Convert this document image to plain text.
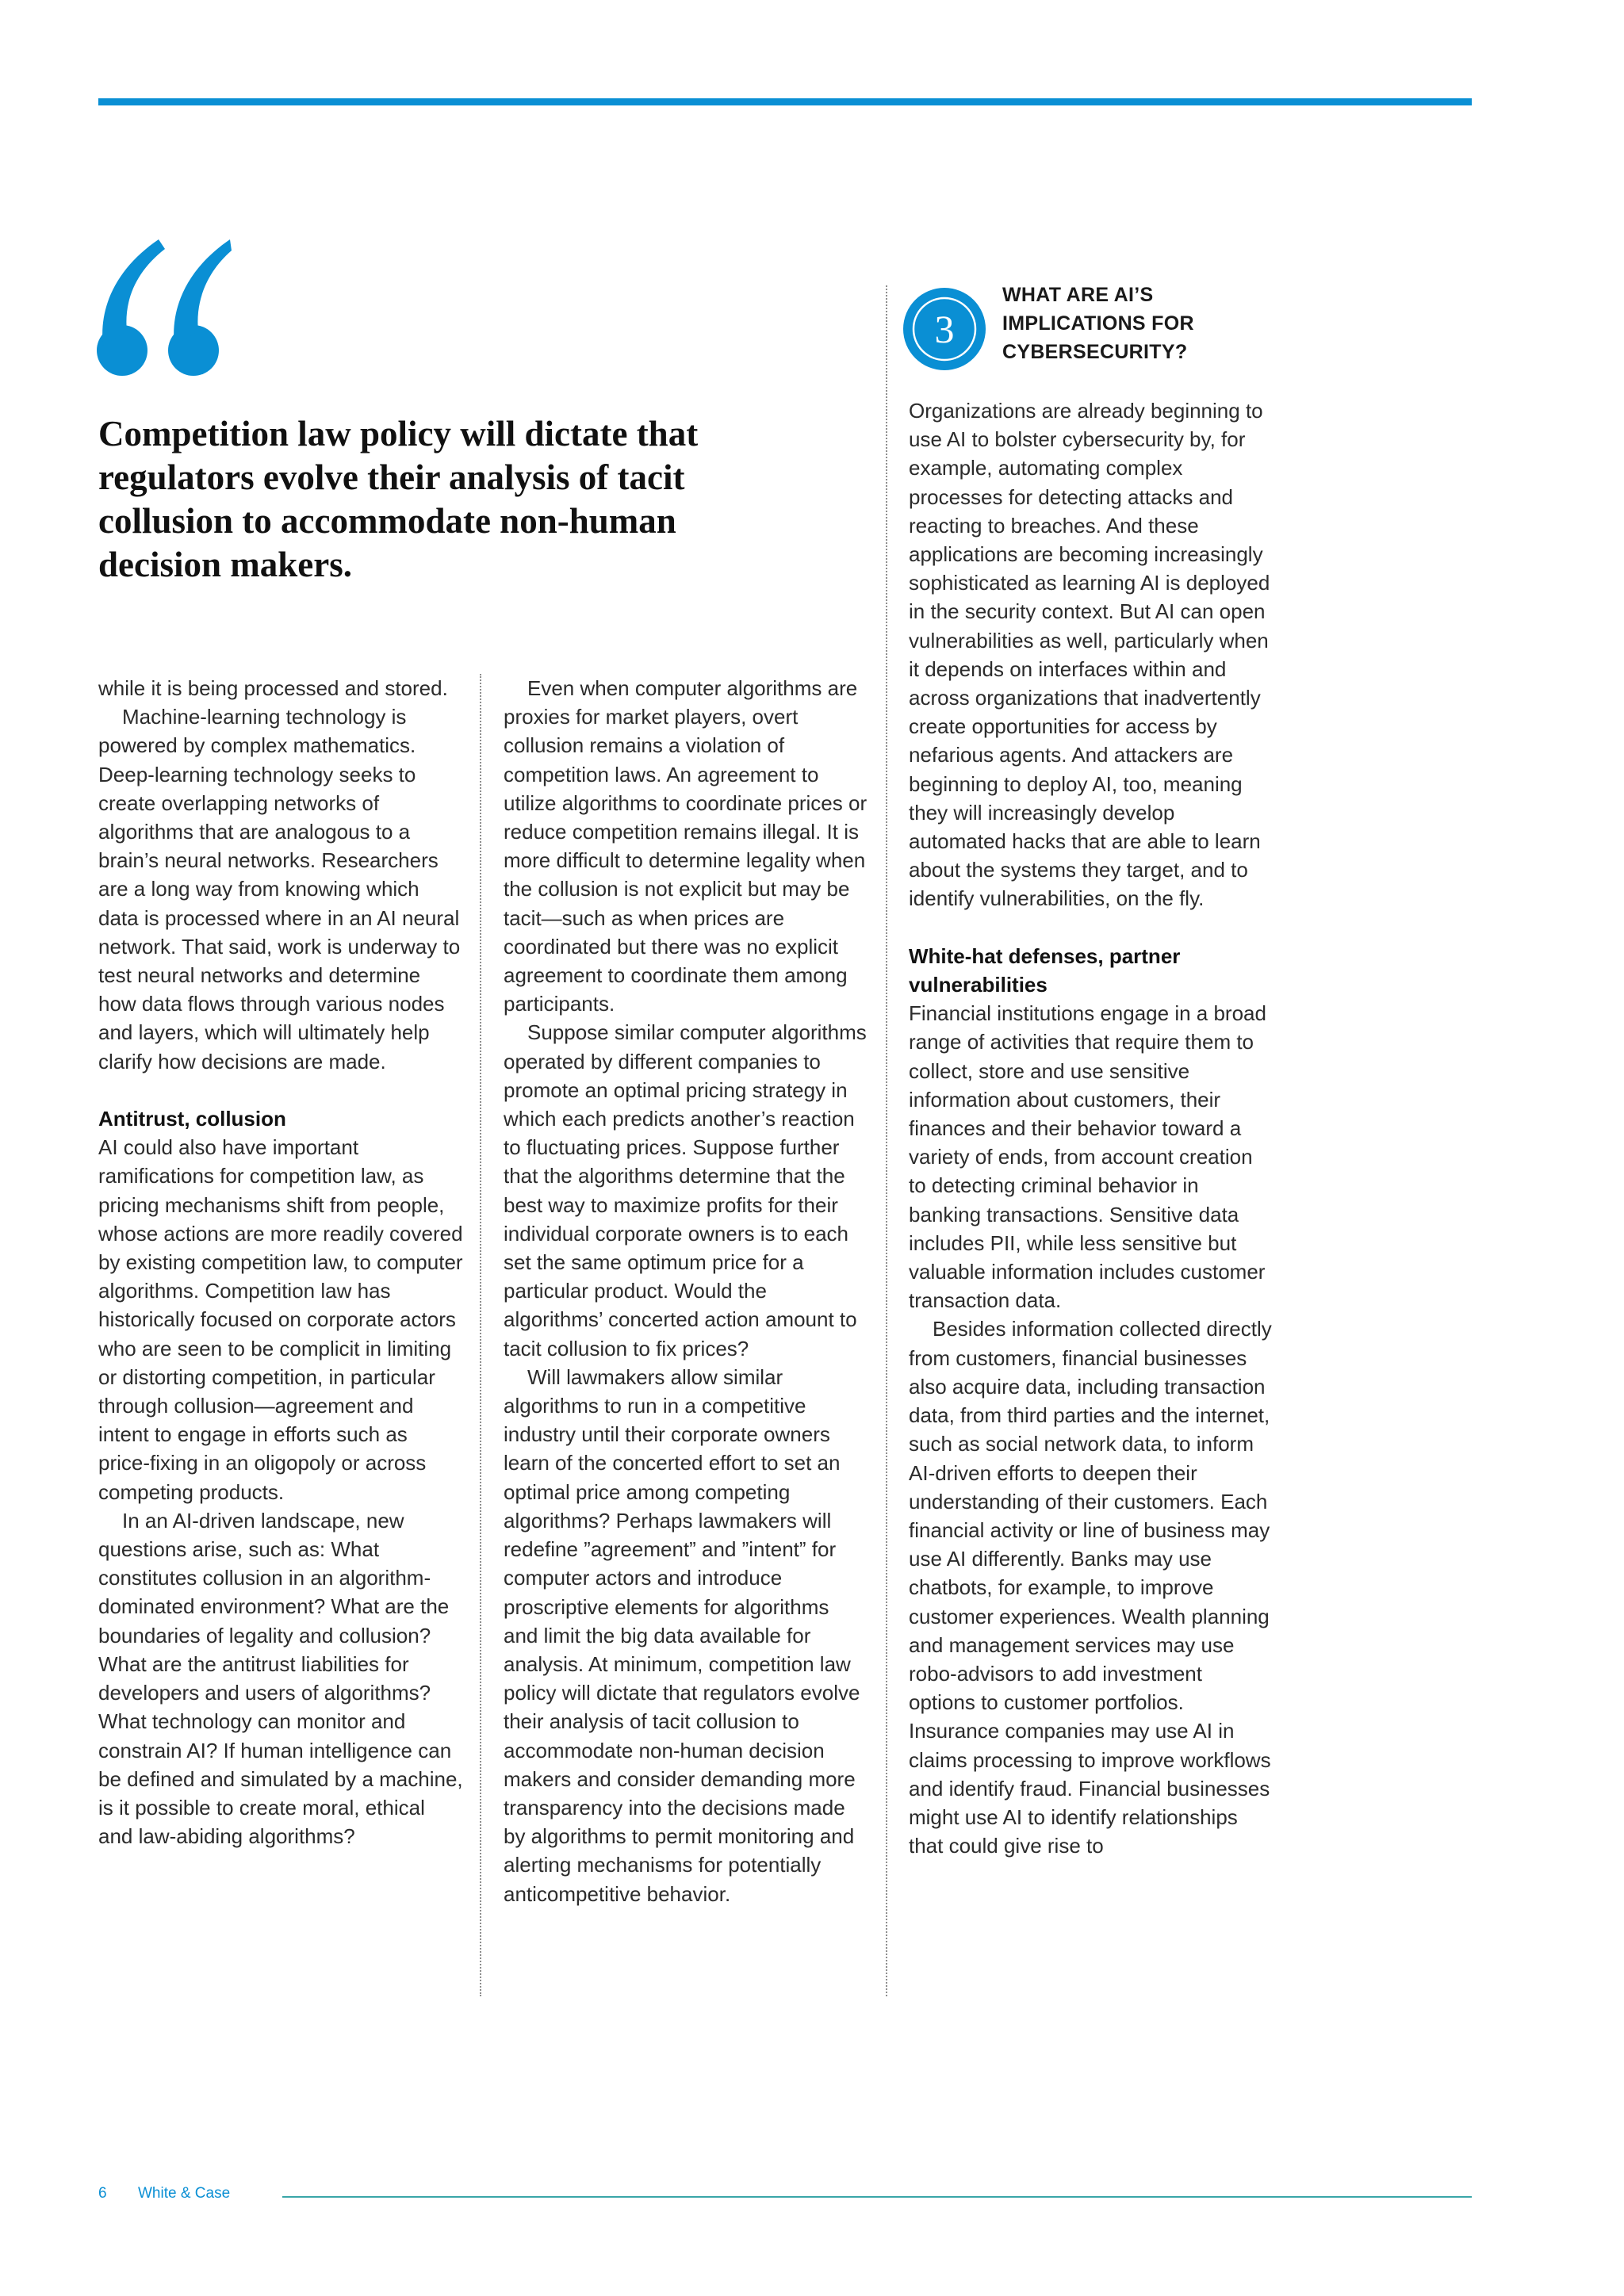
Competition law policy will dictate that regulators evolve their analysis of tacit collusion to accommodate non-human decision makers.

while it is being processed and stored.

Machine-learning technology is powered by complex mathematics. Deep-learning technology seeks to create overlapping networks of algorithms that are analogous to a brain’s neural networks. Researchers are a long way from knowing which data is processed where in an AI neural network. That said, work is underway to test neural networks and determine how data flows through various nodes and layers, which will ultimately help clarify how decisions are made.

Antitrust, collusion

AI could also have important ramifications for competition law, as pricing mechanisms shift from people, whose actions are more readily covered by existing competition law, to computer algorithms. Competition law has historically focused on corporate actors who are seen to be complicit in limiting or distorting competition, in particular through collusion—agreement and intent to engage in efforts such as price-fixing in an oligopoly or across competing products.

In an AI-driven landscape, new questions arise, such as: What constitutes collusion in an algorithm-dominated environment? What are the boundaries of legality and collusion? What are the antitrust liabilities for developers and users of algorithms? What technology can monitor and constrain AI? If human intelligence can be defined and simulated by a machine, is it possible to create moral, ethical and law-abiding algorithms?

Even when computer algorithms are proxies for market players, overt collusion remains a violation of competition laws. An agreement to utilize algorithms to coordinate prices or reduce competition remains illegal. It is more difficult to determine legality when the collusion is not explicit but may be tacit—such as when prices are coordinated but there was no explicit agreement to coordinate them among participants.

Suppose similar computer algorithms operated by different companies to promote an optimal pricing strategy in which each predicts another’s reaction to fluctuating prices. Suppose further that the algorithms determine that the best way to maximize profits for their individual corporate owners is to each set the same optimum price for a particular product. Would the algorithms’ concerted action amount to tacit collusion to fix prices?

Will lawmakers allow similar algorithms to run in a competitive industry until their corporate owners learn of the concerted effort to set an optimal price among competing algorithms? Perhaps lawmakers will redefine ”agreement” and ”intent” for computer actors and introduce proscriptive elements for algorithms and limit the big data available for analysis. At minimum, competition law policy will dictate that regulators evolve their analysis of tacit collusion to accommodate non-human decision makers and consider demanding more transparency into the decisions made by algorithms to permit monitoring and alerting mechanisms for potentially anticompetitive behavior.

3

WHAT ARE AI’S IMPLICATIONS FOR CYBERSECURITY?

Organizations are already beginning to use AI to bolster cybersecurity by, for example, automating complex processes for detecting attacks and reacting to breaches. And these applications are becoming increasingly sophisticated as learning AI is deployed in the security context. But AI can open vulnerabilities as well, particularly when it depends on interfaces within and across organizations that inadvertently create opportunities for access by nefarious agents. And attackers are beginning to deploy AI, too, meaning they will increasingly develop automated hacks that are able to learn about the systems they target, and to identify vulnerabilities, on the fly.

White-hat defenses, partner vulnerabilities

Financial institutions engage in a broad range of activities that require them to collect, store and use sensitive information about customers, their finances and their behavior toward a variety of ends, from account creation to detecting criminal behavior in banking transactions. Sensitive data includes PII, while less sensitive but valuable information includes customer transaction data.

Besides information collected directly from customers, financial businesses also acquire data, including transaction data, from third parties and the internet, such as social network data, to inform AI-driven efforts to deepen their understanding of their customers. Each financial activity or line of business may use AI differently. Banks may use chatbots, for example, to improve customer experiences. Wealth planning and management services may use robo-advisors to add investment options to customer portfolios. Insurance companies may use AI in claims processing to improve workflows and identify fraud. Financial businesses might use AI to identify relationships that could give rise to

6 White & Case
